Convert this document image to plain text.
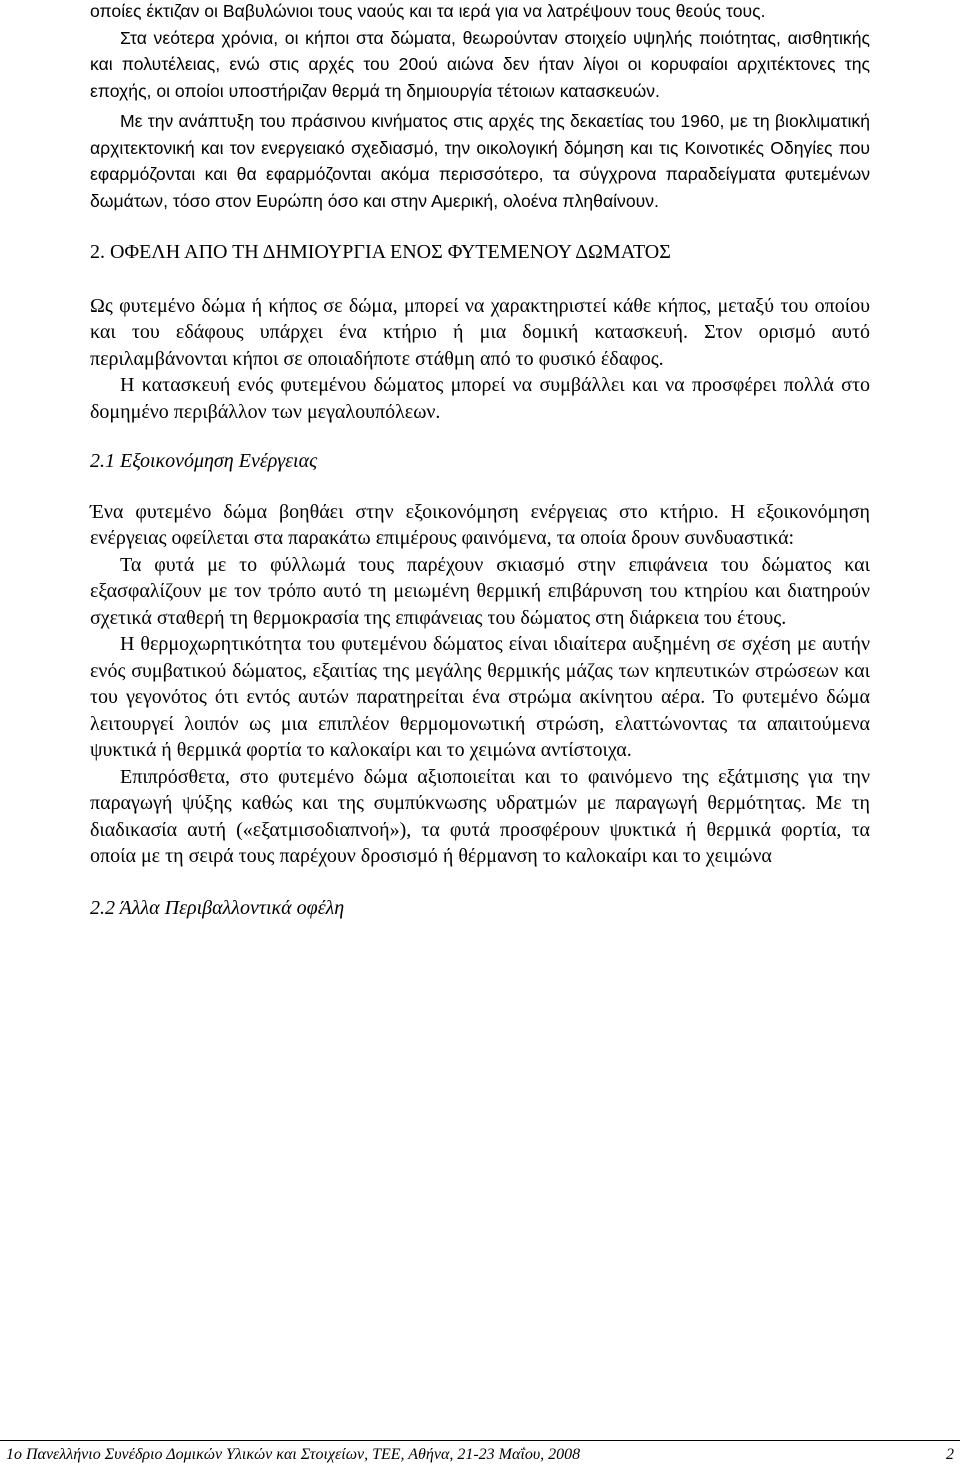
οποίες έκτιζαν οι Βαβυλώνιοι τους ναούς και τα ιερά για να λατρέψουν τους θεούς τους.

Στα νεότερα χρόνια, οι κήποι στα δώματα, θεωρούνταν στοιχείο υψηλής ποιότητας, αισθητικής και πολυτέλειας, ενώ στις αρχές του 20ού αιώνα δεν ήταν λίγοι οι κορυφαίοι αρχιτέκτονες της εποχής, οι οποίοι υποστήριζαν θερμά τη δημιουργία τέτοιων κατασκευών.

Με την ανάπτυξη του πράσινου κινήματος στις αρχές της δεκαετίας του 1960, με τη βιοκλιματική αρχιτεκτονική και τον ενεργειακό σχεδιασμό, την οικολογική δόμηση και τις Κοινοτικές Οδηγίες που εφαρμόζονται και θα εφαρμόζονται ακόμα περισσότερο, τα σύγχρονα παραδείγματα φυτεμένων δωμάτων, τόσο στον Ευρώπη όσο και στην Αμερική, ολοένα πληθαίνουν.

2. ΟΦΕΛΗ ΑΠΟ ΤΗ ΔΗΜΙΟΥΡΓΙΑ ΕΝΟΣ ΦΥΤΕΜΕΝΟΥ ΔΩΜΑΤΟΣ

Ως φυτεμένο δώμα ή κήπος σε δώμα, μπορεί να χαρακτηριστεί κάθε κήπος, μεταξύ του οποίου και του εδάφους υπάρχει ένα κτήριο ή μια δομική κατασκευή. Στον ορισμό αυτό περιλαμβάνονται κήποι σε οποιαδήποτε στάθμη από το φυσικό έδαφος.

Η κατασκευή ενός φυτεμένου δώματος μπορεί να συμβάλλει και να προσφέρει πολλά στο δομημένο περιβάλλον των μεγαλουπόλεων.

2.1 Εξοικονόμηση Ενέργειας

Ένα φυτεμένο δώμα βοηθάει στην εξοικονόμηση ενέργειας στο κτήριο. Η εξοικονόμηση ενέργειας οφείλεται στα παρακάτω επιμέρους φαινόμενα, τα οποία δρουν συνδυαστικά:

Τα φυτά με το φύλλωμά τους παρέχουν σκιασμό στην επιφάνεια του δώματος και εξασφαλίζουν με τον τρόπο αυτό τη μειωμένη θερμική επιβάρυνση του κτηρίου και διατηρούν σχετικά σταθερή τη θερμοκρασία της επιφάνειας του δώματος στη διάρκεια του έτους.

Η θερμοχωρητικότητα του φυτεμένου δώματος είναι ιδιαίτερα αυξημένη σε σχέση με αυτήν ενός συμβατικού δώματος, εξαιτίας της μεγάλης θερμικής μάζας των κηπευτικών στρώσεων και του γεγονότος ότι εντός αυτών παρατηρείται ένα στρώμα ακίνητου αέρα. Το φυτεμένο δώμα λειτουργεί λοιπόν ως μια επιπλέον θερμομονωτική στρώση, ελαττώνοντας τα απαιτούμενα ψυκτικά ή θερμικά φορτία το καλοκαίρι και το χειμώνα αντίστοιχα.

Επιπρόσθετα, στο φυτεμένο δώμα αξιοποιείται και το φαινόμενο της εξάτμισης για την παραγωγή ψύξης καθώς και της συμπύκνωσης υδρατμών με παραγωγή θερμότητας. Με τη διαδικασία αυτή («εξατμισοδιαπνοή»), τα φυτά προσφέρουν ψυκτικά ή θερμικά φορτία, τα οποία με τη σειρά τους παρέχουν δροσισμό ή θέρμανση το καλοκαίρι και το χειμώνα

2.2 Άλλα Περιβαλλοντικά οφέλη
1ο Πανελλήνιο Συνέδριο Δομικών Υλικών και Στοιχείων, ΤΕΕ, Αθήνα, 21-23 Μαΐου, 2008	2
